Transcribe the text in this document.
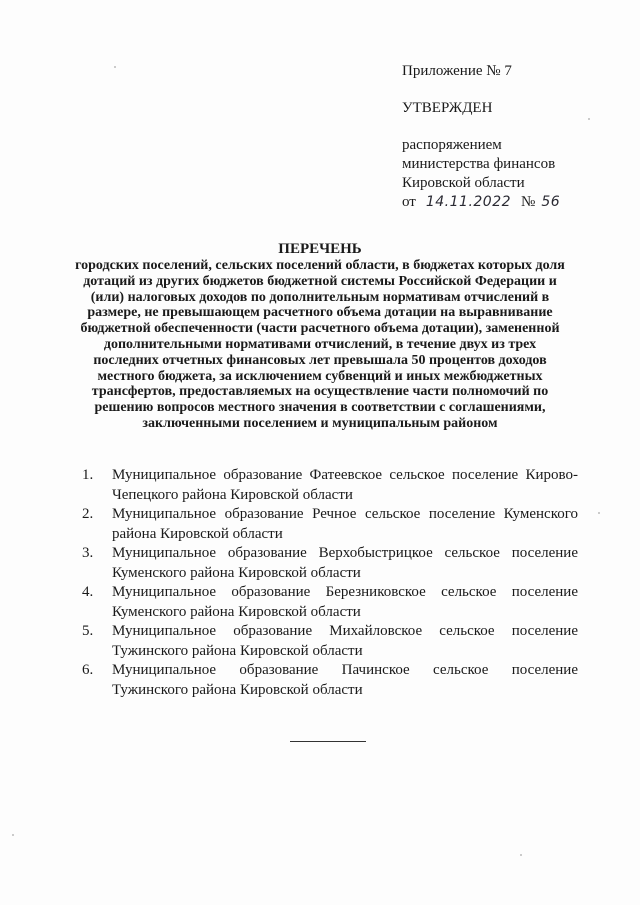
Приложение № 7
УТВЕРЖДЕН
распоряжением
министерства финансов
Кировской области
от 14.11.2022 № 56
ПЕРЕЧЕНЬ
городских поселений, сельских поселений области, в бюджетах которых доля дотаций из других бюджетов бюджетной системы Российской Федерации и (или) налоговых доходов по дополнительным нормативам отчислений в размере, не превышающем расчетного объема дотации на выравнивание бюджетной обеспеченности (части расчетного объема дотации), замененной дополнительными нормативами отчислений, в течение двух из трех последних отчетных финансовых лет превышала 50 процентов доходов местного бюджета, за исключением субвенций и иных межбюджетных трансфертов, предоставляемых на осуществление части полномочий по решению вопросов местного значения в соответствии с соглашениями, заключенными поселением и муниципальным районом
1. Муниципальное образование Фатеевское сельское поселение Кирово-Чепецкого района Кировской области
2. Муниципальное образование Речное сельское поселение Куменского района Кировской области
3. Муниципальное образование Верхобыстрицкое сельское поселение Куменского района Кировской области
4. Муниципальное образование Березниковское сельское поселение Куменского района Кировской области
5. Муниципальное образование Михайловское сельское поселение Тужинского района Кировской области
6. Муниципальное образование Пачинское сельское поселение Тужинского района Кировской области
